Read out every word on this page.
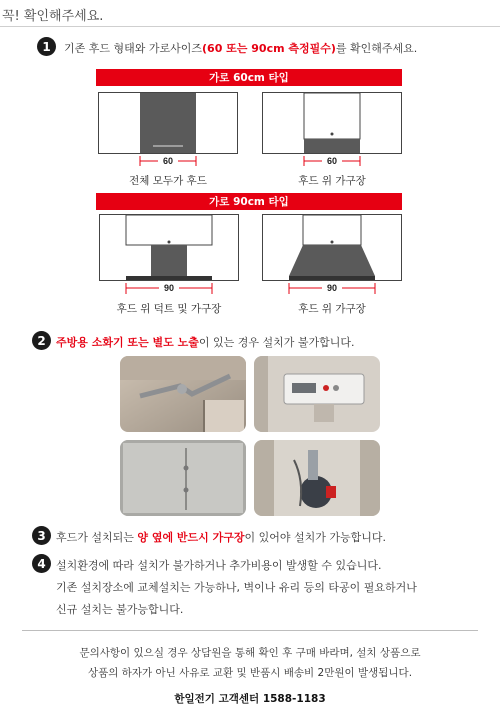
꼭! 확인해주세요.
1	기존 후드 형태와 가로사이즈(60 또는 90cm 측정필수)를 확인해주세요.
가로 60cm 타입
60
전체 모두가 후드
60
후드 위 가구장
가로 90cm 타입
90
후드 위 덕트 및 가구장
90
후드 위 가구장
2 주방용 소화기 또는 별도 노출이 있는 경우 설치가 불가합니다.
3 후드가 설치되는 양 옆에 반드시 가구장이 있어야 설치가 가능합니다.
4 설치환경에 따라 설치가 불가하거나 추가비용이 발생할 수 있습니다.
기존 설치장소에 교체설치는 가능하나, 벽이나 유리 등의 타공이 필요하거나
신규 설치는 불가능합니다.
문의사항이 있으실 경우 상담원을 통해 확인 후 구매 바라며, 설치 상품으로
상품의 하자가 아닌 사유로 교환 및 반품시 배송비 2만원이 발생됩니다.
한일전기 고객센터 1588-1183
